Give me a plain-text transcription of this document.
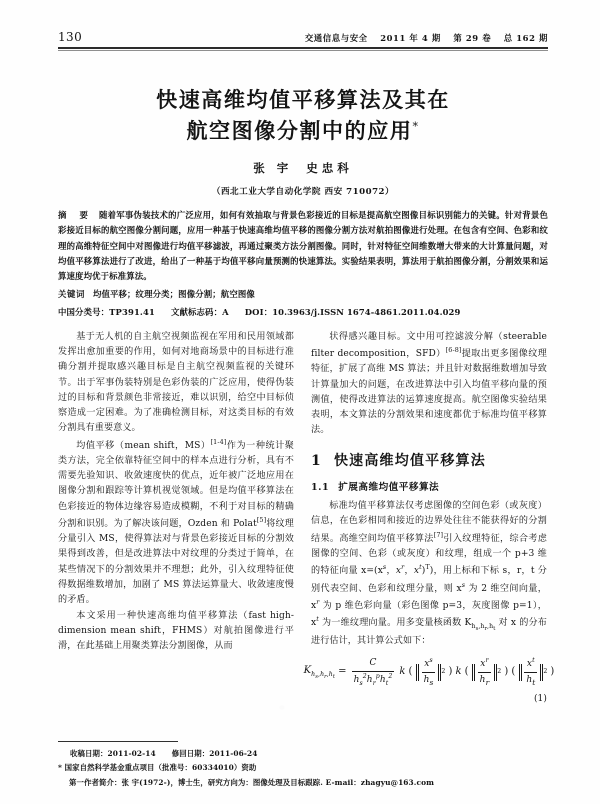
130	交通信息与安全 2011 年 4 期 第 29 卷 总 162 期
快速高维均值平移算法及其在
航空图像分割中的应用*
张 宇 史忠科
（西北工业大学自动化学院 西安 710072）
摘 要 随着军事伪装技术的广泛应用，如何有效抽取与背景色彩接近的目标是提高航空图像目标识别能力的关键。针对背景色彩接近目标的航空图像分割问题，应用一种基于快速高维均值平移的图像分割方法对航拍图像进行处理。在包含有空间、色彩和纹理的高维特征空间中对图像进行均值平移滤波，再通过聚类方法分割图像。同时，针对特征空间维数增大带来的大计算量问题，对均值平移算法进行了改进，给出了一种基于均值平移向量预测的快速算法。实验结果表明，算法用于航拍图像分割，分割效果和运算速度均优于标准算法。
关键词 均值平移；纹理分类；图像分割；航空图像
中国分类号：TP391.41 文献标志码：A DOI：10.3963/j.ISSN 1674-4861.2011.04.029

基于无人机的自主航空视频监视在军用和民用领域都发挥出愈加重要的作用，如何对地商场景中的目标进行准确分割并提取感兴趣目标是自主航空视频监视的关键环节。出于军事伪装特别是色彩伪装的广泛应用，使得伪装过的目标和背景颜色非常接近，难以识别，给空中目标侦察造成一定困难。为了准确检测目标，对这类目标的有效分割具有重要意义。

均值平移（mean shift，MS）[1-4]作为一种统计聚类方法，完全依靠特征空间中的样本点进行分析，具有不需要先验知识、收敛速度快的优点，近年被广泛地应用在图像分割和跟踪等计算机视觉领域。但是均值平移算法在色彩接近的物体边缘容易造成模糊，不利于对目标的精确分割和识别。为了解决该问题，Ozden 和 Polat[5]将纹理分量引入 MS，使得算法对与背景色彩接近目标的分割效果得到改善，但是改进算法中对纹理的分类过于简单，在某些情况下的分割效果并不理想；此外，引入纹理特征使得数据维数增加，加剧了 MS 算法运算量大、收敛速度慢的矛盾。

本文采用一种快速高维均值平移算法（fast high-dimension mean shift，FHMS）对航拍图像进行平滑，在此基础上用聚类算法分割图像，从而

状得感兴趣目标。文中用可控滤波分解（steerable filter decomposition，SFD）[6-8]提取出更多图像纹理特征，扩展了高维 MS 算法；并且针对数据维数增加导致计算量加大的问题，在改进算法中引入均值平移向量的预测值，使得改进算法的运算速度提高。航空图像实验结果表明，本文算法的分割效果和速度都优于标准均值平移算法。

1 快速高维均值平移算法
1.1 扩展高维均值平移算法

标准均值平移算法仅考虑图像的空间色彩（或灰度）信息，在色彩相同和接近的边界处往往不能获得好的分割结果。高维空间均值平移算法[7]引入纹理特征，综合考虑图像的空间、色彩（或灰度）和纹理，组成一个 p+3 维的特征向量 $x=(x^s$，$x^r$，$x^t)^T$)，用上标和下标 s，r，t 分别代表空间、色彩和纹理分量，则 $x^s$ 为 2 维空间向量，$x^r$ 为 p 维色彩向量（彩色图像 p=3，灰度图像 p=1），$x^t$ 为一维纹理向量。用多变量核函数 $K_{h_s,h_r,h_t}$ 对 x 的分布进行估计，其计算公式如下：

$K_{h_s,h_r,h_t}$
= $\frac{C}{h_s^2h_r^ph_t^2}$ k ( $\frac{x^s}{h_s} 2$ ) k ( $\frac{x^r}{h_r} 2$ ) ( $\frac{x^t}{h_t} 2$ )
(1)
收稿日期：2011-02-14 修回日期：2011-06-24
* 国家自然科学基金重点项目（批准号：60334010）资助
第一作者简介：张 宇(1972-)，博士生，研究方向为：图像处理及目标跟踪. E-mail：zhagyu@163.com
